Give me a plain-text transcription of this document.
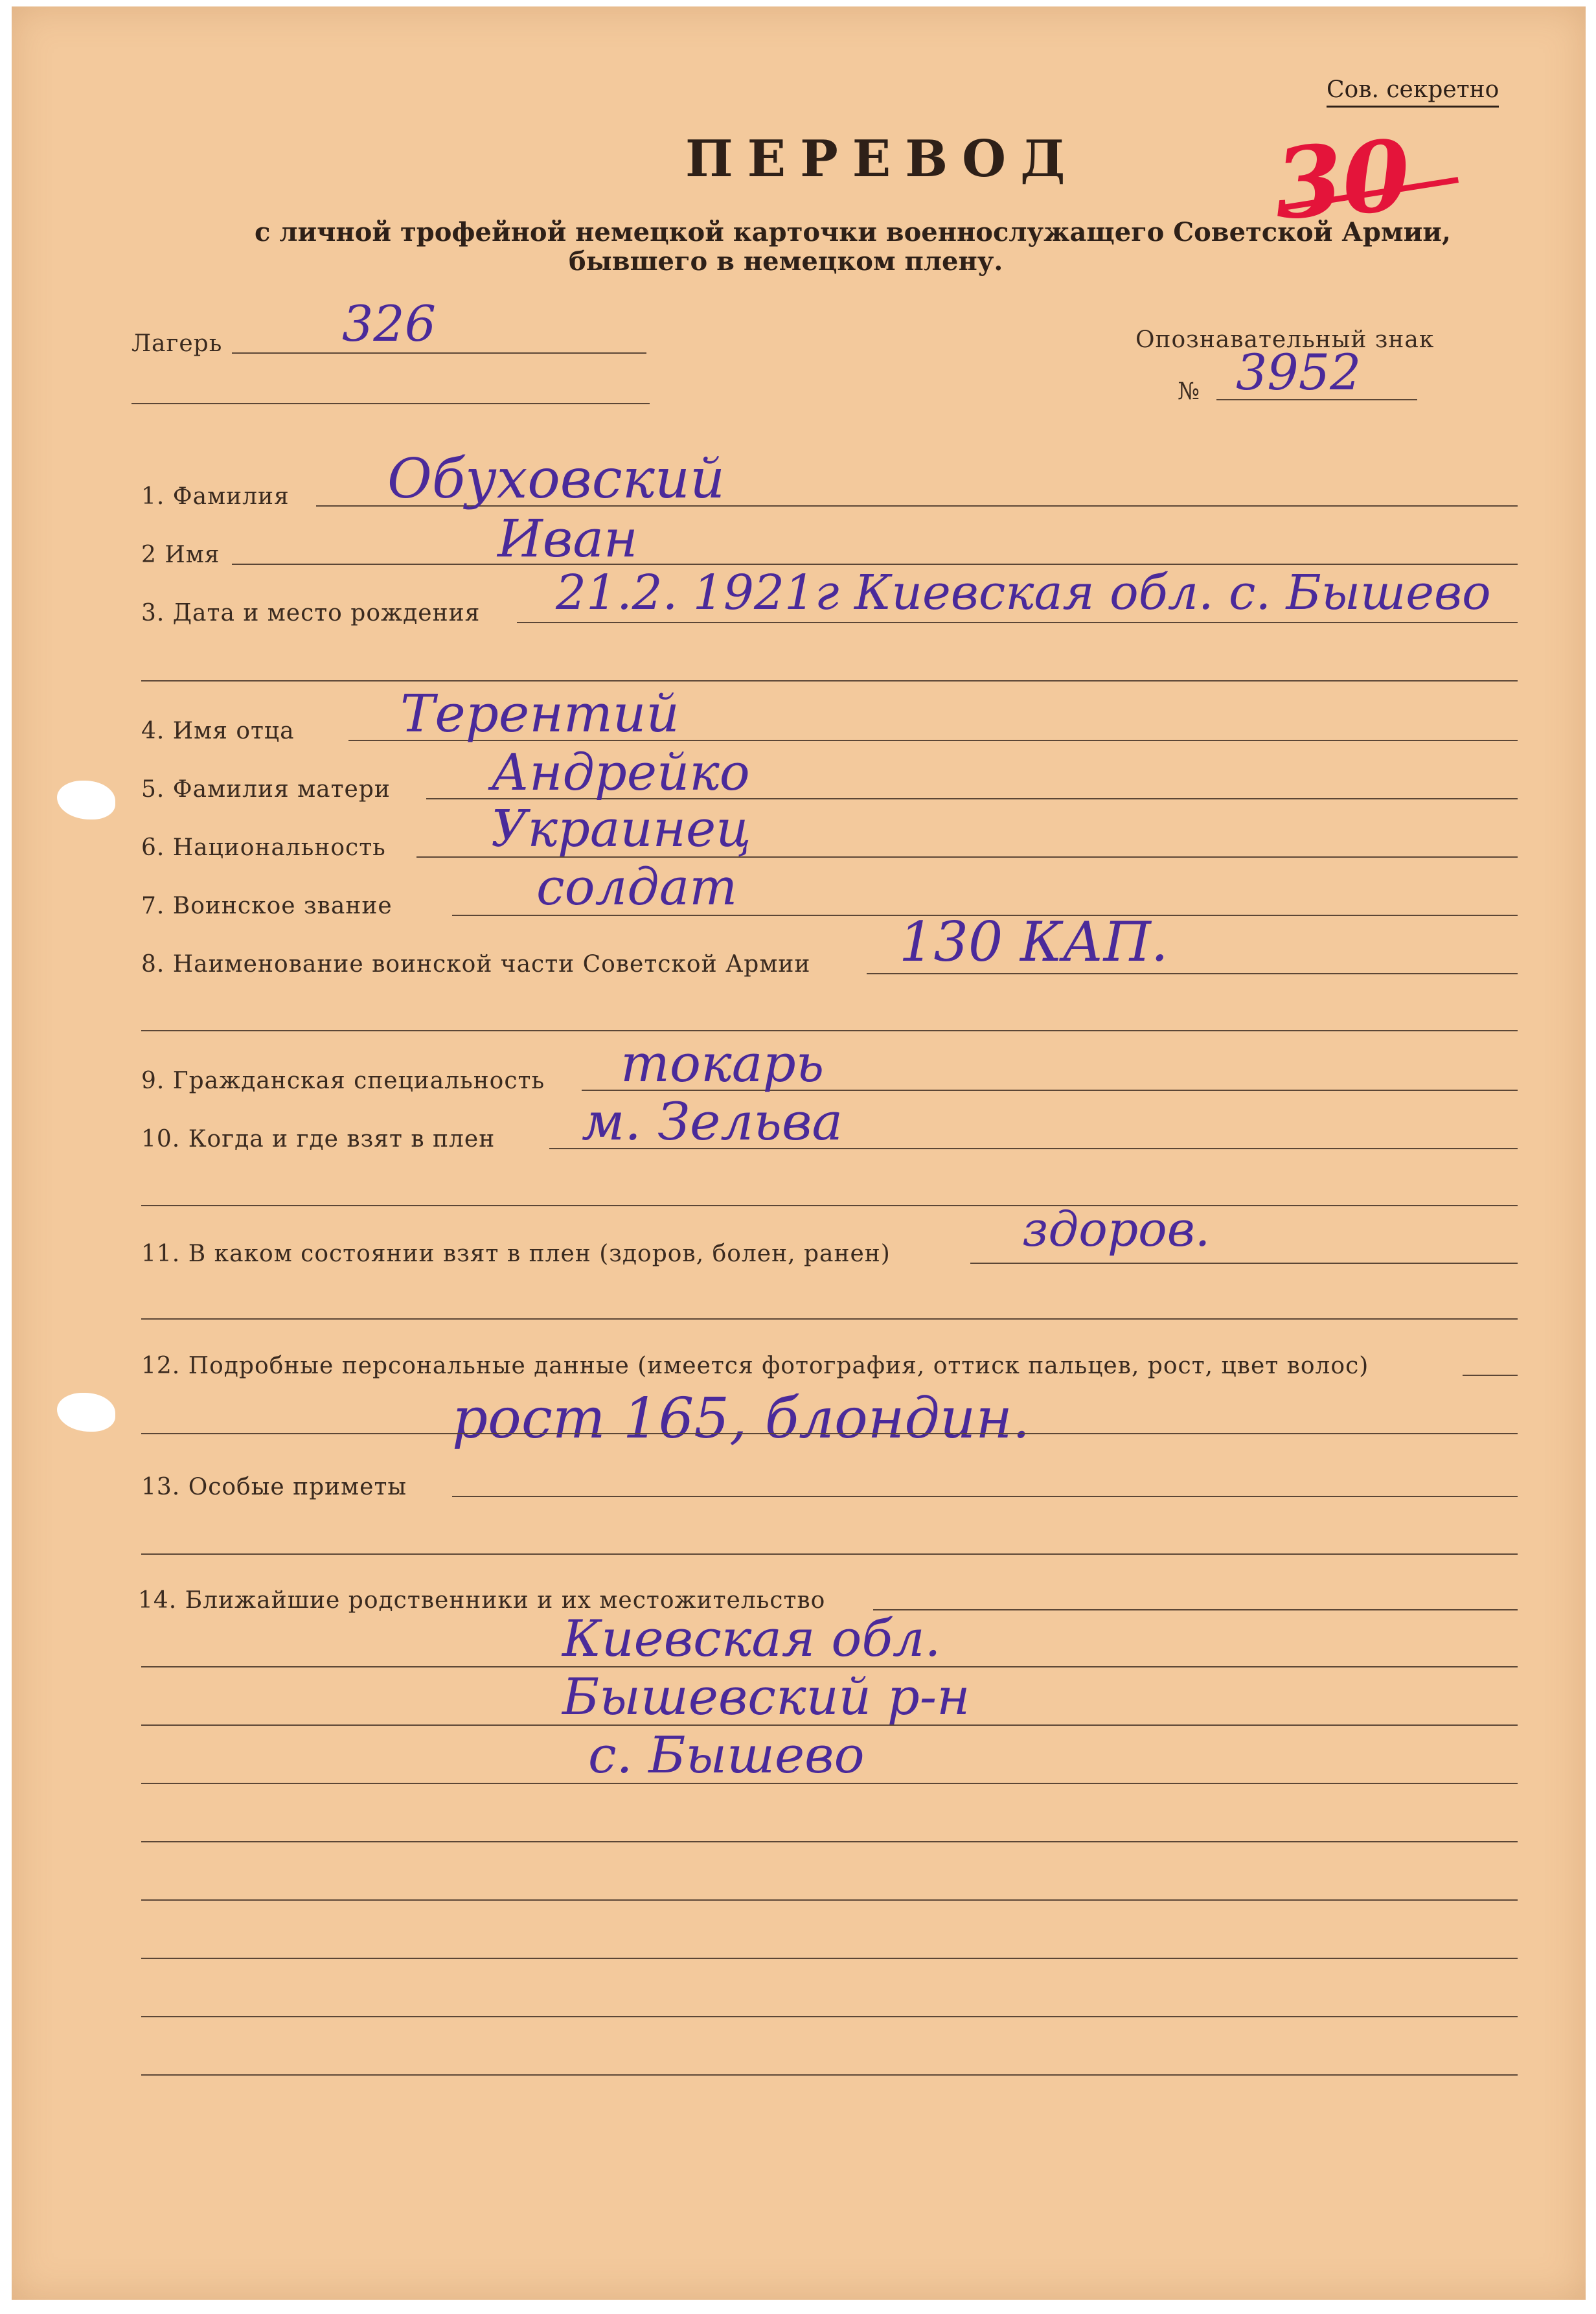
Сов. секретно
30
ПЕРЕВОД
с личной трофейной немецкой карточки военнослужащего Советской Армии,
бывшего в немецком плену.
Лагерь 326	Опознавательный знак
№ 3952
1. Фамилия Обуховский
2 Имя	Иван
3. Дата и место рождения 21.2. 1921г Киевская обл. с. Бышево
4. Имя отца Терентий
5. Фамилия матери Андрейко
6. Национальность Украинец
7. Воинское звание	солдат
8. Наименование воинской части Советской Армии 130 КАП.
9. Гражданская специальность токарь
10. Когда и где взят в плен м. Зельва
11. В каком состоянии взят в плен (здоров, болен, ранен)	здоров.
12. Подробные персональные данные (имеется фотография, оттиск пальцев, рост, цвет волос)
рост 165, блондин.
13. Особые приметы
14. Ближайшие родственники и их местожительство
Киевская обл.
Бышевский р-н
с. Бышево
